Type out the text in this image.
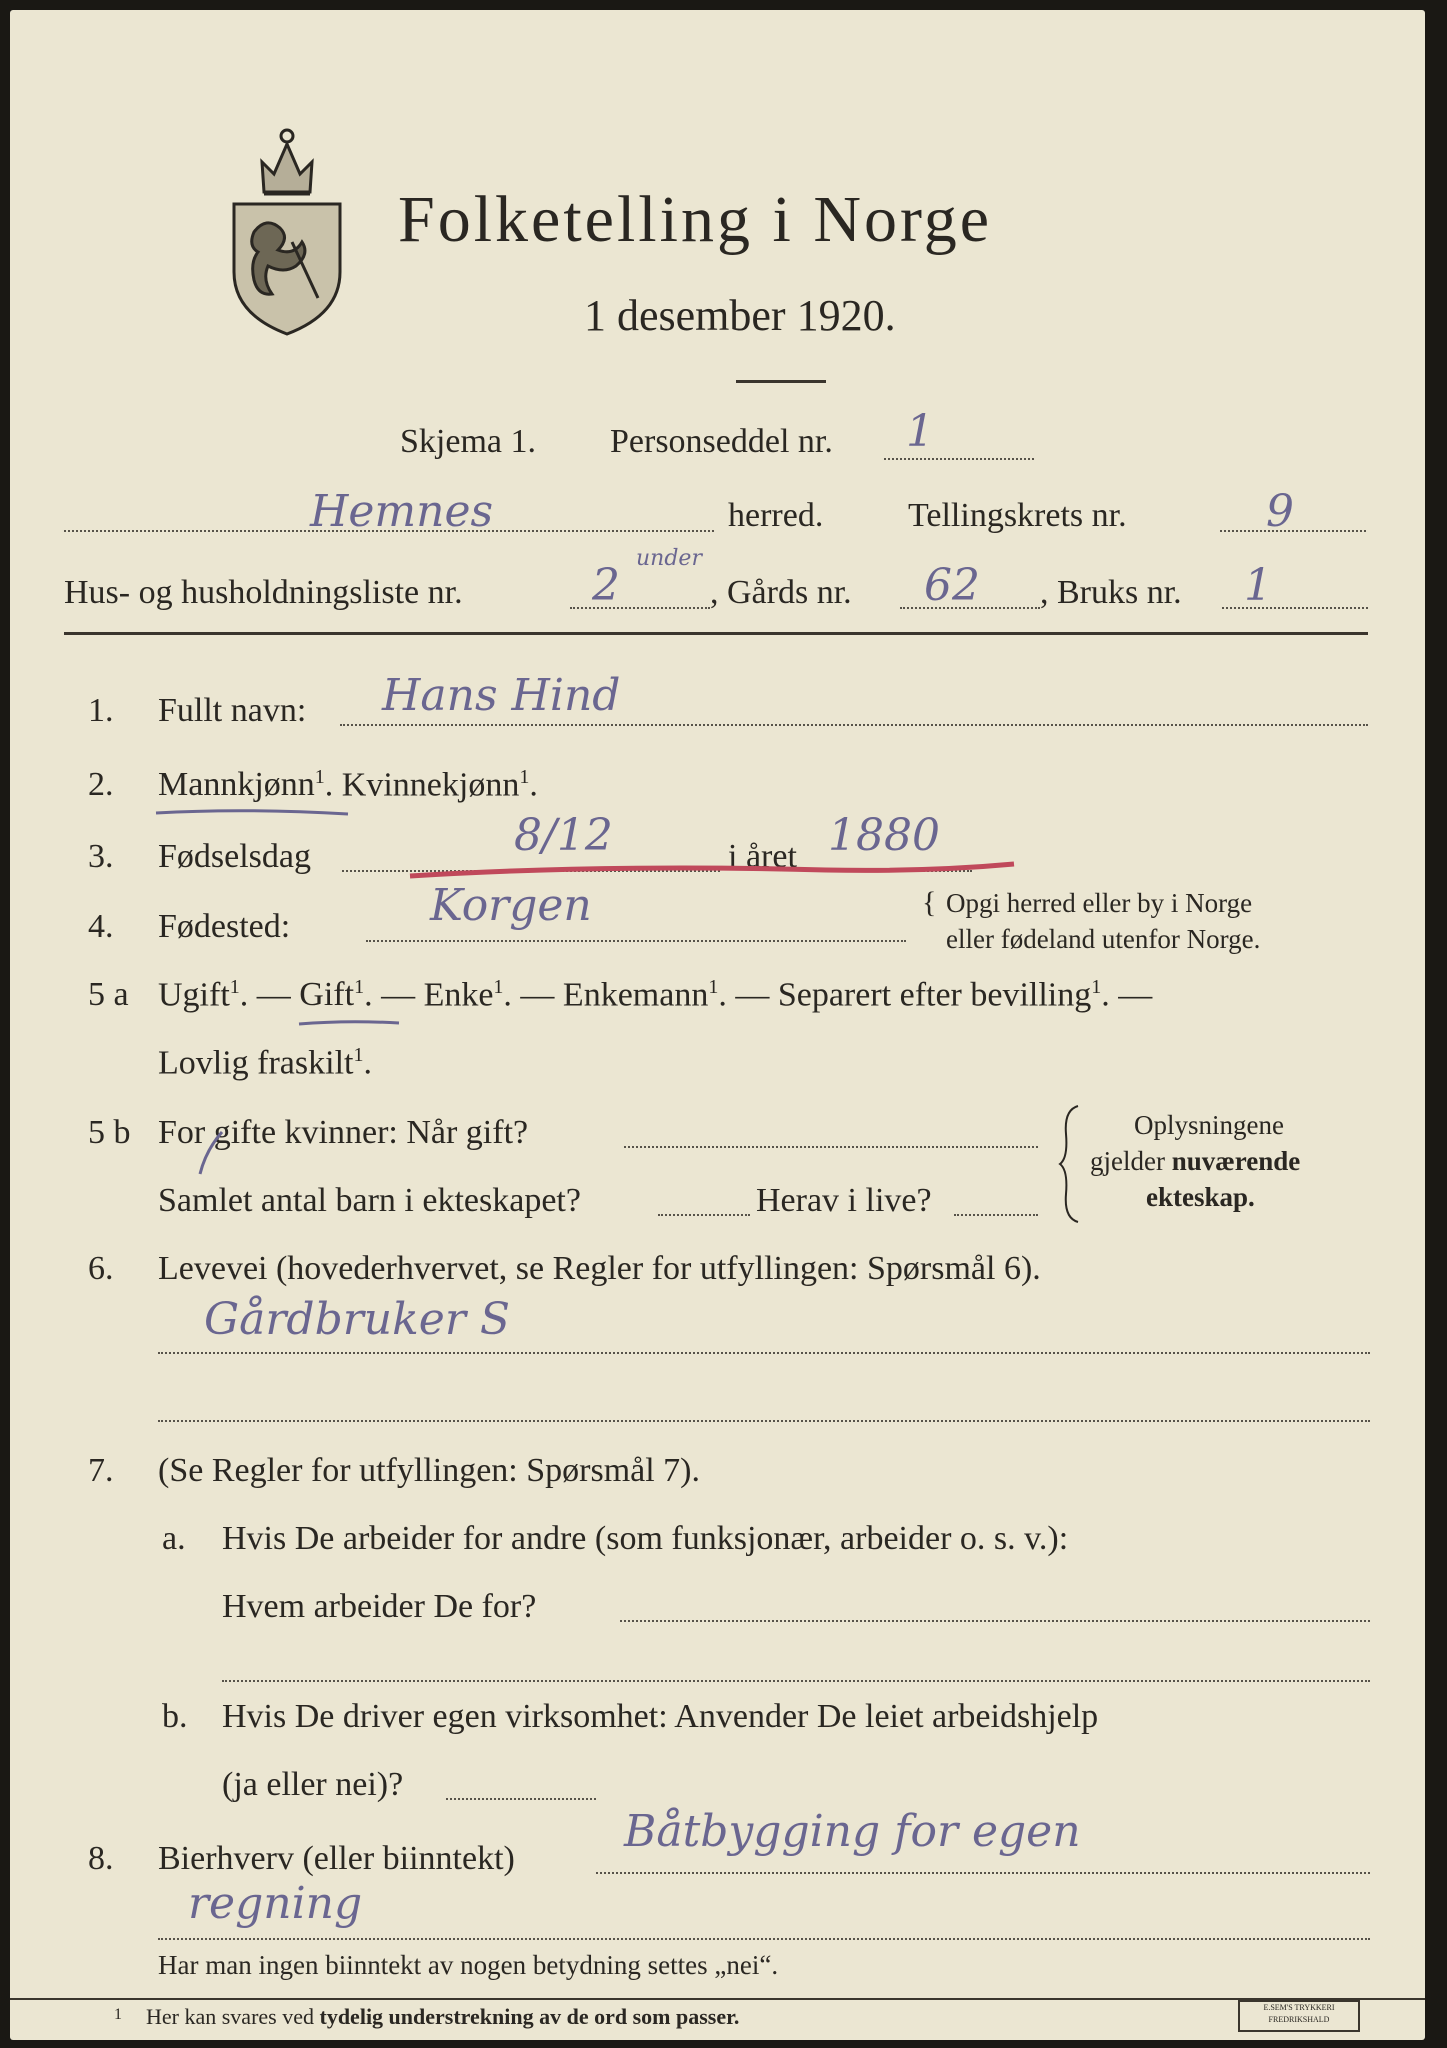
Folketelling i Norge
1 desember 1920.
Skjema 1. Personseddel nr. 1
Hemnes	herred. Tellingskrets nr.	9
Hus- og husholdningsliste nr.	2
under
, Gårds nr. 62 , Bruks nr. 1
1. Fullt navn: Hans Hind
2. Mannkjønn
$^1$. Kvinnekjønn$^1$.
3. Fødselsdag	8/12	i året 1880
4. Fødested:	Korgen	{ Opgi herred eller by i Norge
eller fødeland utenfor Norge.
5 a Ugift$^1$. — Gift
$^1$. — Enke$^1$. — Enkemann$^1$. — Separert efter bevilling$^1$. —
Lovlig fraskilt$^1$.
5 b For gifte kvinner: Når gift?
Samlet antal barn i ekteskapet?	Herav i live?
Oplysningene
gjelder nuværende
ekteskap.
6. Levevei (hovederhvervet, se Regler for utfyllingen: Spørsmål 6).
Gårdbruker S
7. (Se Regler for utfyllingen: Spørsmål 7).
a. Hvis De arbeider for andre (som funksjonær, arbeider o. s. v.):
Hvem arbeider De for?
b. Hvis De driver egen virksomhet: Anvender De leiet arbeidshjelp
(ja eller nei)?
8. Bierhverv (eller biinntekt)
Båtbygging for egen
regning
Har man ingen biinntekt av nogen betydning settes „nei“.
1 Her kan svares ved tydelig understrekning av de ord som passer.	E.SEM'S TRYKKERI
FREDRIKSHALD
